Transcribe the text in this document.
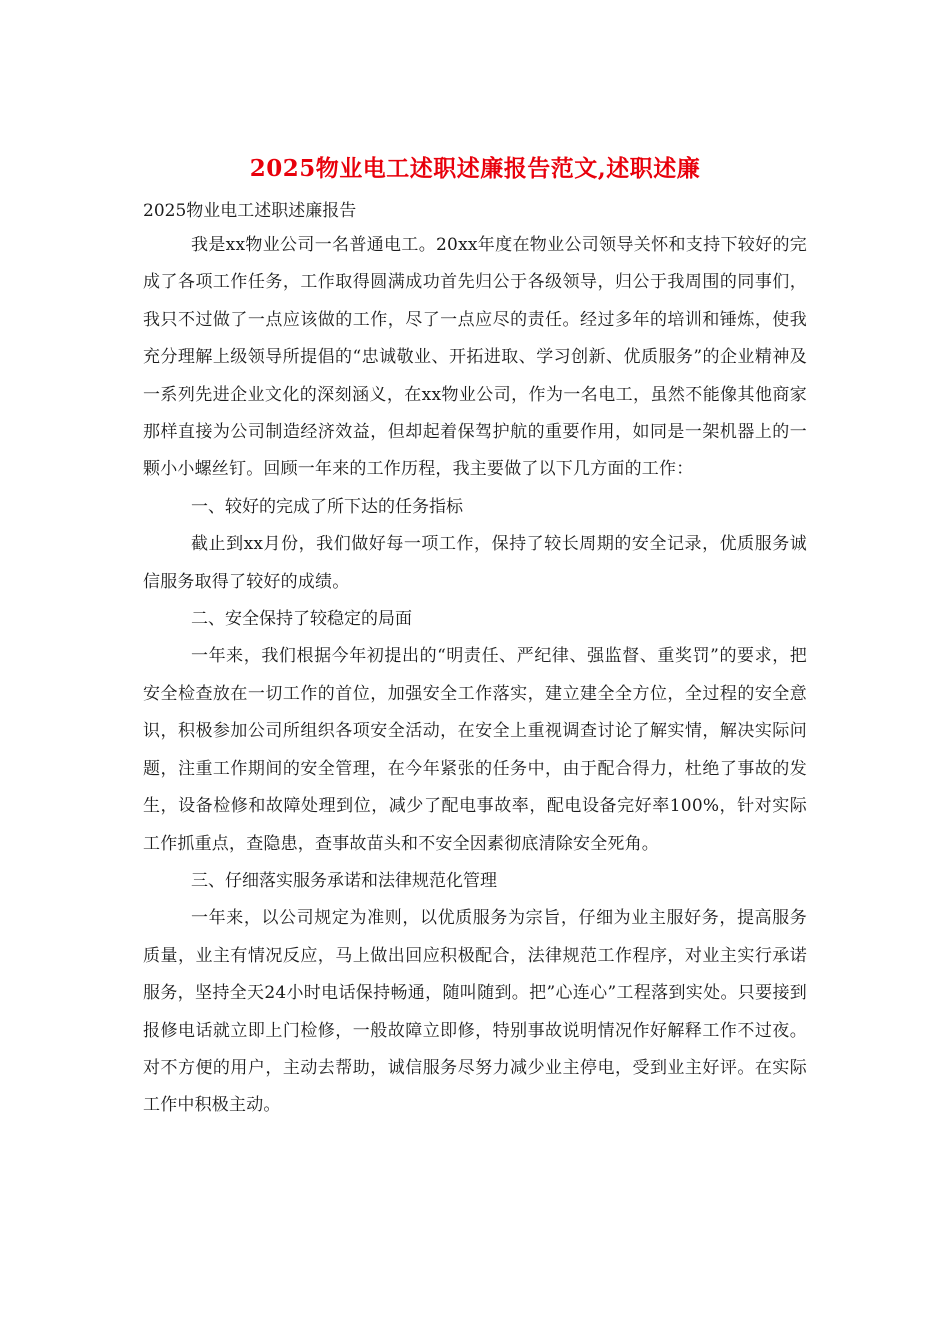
2025物业电工述职述廉报告范文,述职述廉

2025物业电工述职述廉报告

我是xx物业公司一名普通电工。20xx年度在物业公司领导关怀和支持下较好的完成了各项工作任务，工作取得圆满成功首先归公于各级领导，归公于我周围的同事们，我只不过做了一点应该做的工作，尽了一点应尽的责任。经过多年的培训和锤炼，使我充分理解上级领导所提倡的“忠诚敬业、开拓进取、学习创新、优质服务”的企业精神及一系列先进企业文化的深刻涵义，在xx物业公司，作为一名电工，虽然不能像其他商家那样直接为公司制造经济效益，但却起着保驾护航的重要作用，如同是一架机器上的一颗小小螺丝钉。回顾一年来的工作历程，我主要做了以下几方面的工作：

一、较好的完成了所下达的任务指标

截止到xx月份，我们做好每一项工作，保持了较长周期的安全记录，优质服务诚信服务取得了较好的成绩。

二、安全保持了较稳定的局面

一年来，我们根据今年初提出的“明责任、严纪律、强监督、重奖罚”的要求，把安全检查放在一切工作的首位，加强安全工作落实，建立建全全方位，全过程的安全意识，积极参加公司所组织各项安全活动，在安全上重视调查讨论了解实情，解决实际问题，注重工作期间的安全管理，在今年紧张的任务中，由于配合得力，杜绝了事故的发生，设备检修和故障处理到位，减少了配电事故率，配电设备完好率100%，针对实际工作抓重点，查隐患，查事故苗头和不安全因素彻底清除安全死角。

三、仔细落实服务承诺和法律规范化管理

一年来，以公司规定为准则，以优质服务为宗旨，仔细为业主服好务，提高服务质量，业主有情况反应，马上做出回应积极配合，法律规范工作程序，对业主实行承诺服务，坚持全天24小时电话保持畅通，随叫随到。把”心连心”工程落到实处。只要接到报修电话就立即上门检修，一般故障立即修，特别事故说明情况作好解释工作不过夜。对不方便的用户，主动去帮助，诚信服务尽努力减少业主停电，受到业主好评。在实际工作中积极主动。
